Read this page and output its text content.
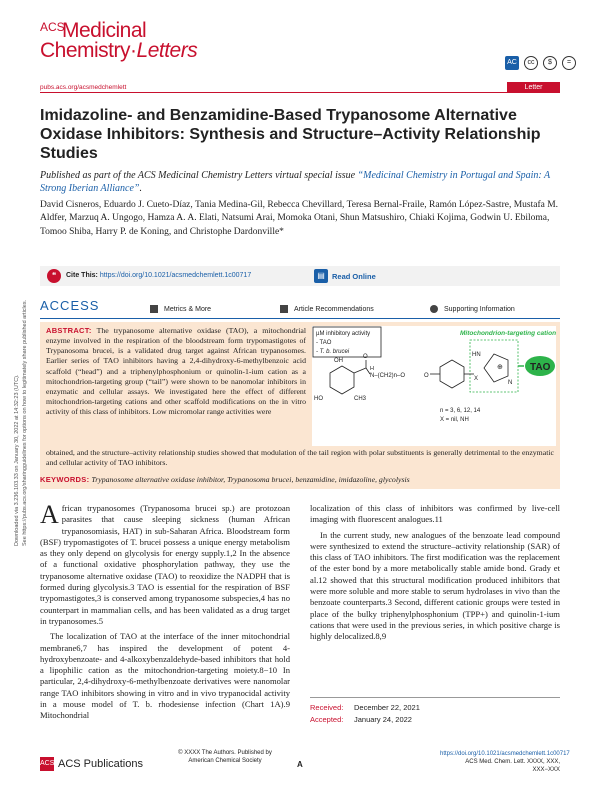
ACS
Medicinal
Chemistry·Letters
AC	cc	$	=
pubs.acs.org/acsmedchemlett	Letter
Imidazoline- and Benzamidine-Based Trypanosome Alternative Oxidase Inhibitors: Synthesis and Structure–Activity Relationship Studies
Published as part of the ACS Medicinal Chemistry Letters virtual special issue “Medicinal Chemistry in Portugal and Spain: A Strong Iberian Alliance”.
David Cisneros, Eduardo J. Cueto-Díaz, Tania Medina-Gil, Rebecca Chevillard, Teresa Bernal-Fraile, Ramón López-Sastre, Mustafa M. Aldfer, Marzuq A. Ungogo, Hamza A. A. Elati, Natsumi Arai, Momoka Otani, Shun Matsushiro, Chiaki Kojima, Godwin U. Ebiloma, Tomoo Shiba, Harry P. de Koning, and Christophe Dardonville*
Downloaded via 3.236.103.33 on January 30, 2022 at 14:32:23 (UTC). See https://pubs.acs.org/sharingguidelines for options on how to legitimately share published articles.
❝	Cite This: https://doi.org/10.1021/acsmedchemlett.1c00717	▤ Read Online
ACCESS	Metrics & More	Article Recommendations	Supporting Information
ABSTRACT: The trypanosome alternative oxidase (TAO), a mitochondrial enzyme involved in the respiration of the bloodstream form trypomastigotes of Trypanosoma brucei, is a validated drug target against African trypanosomes. Earlier series of TAO inhibitors having a 2,4-dihydroxy-6-methylbenzoic acid scaffold (“head”) and a triphenylphosphonium or quinolin-1-ium cation as a mitochondrion-targeting group (“tail”) were shown to be nanomolar inhibitors in enzymatic and cellular assays. We investigated here the effect of different mitochondrion-targeting cations and other scaffold modifications on the in vitro activity of this class of inhibitors. Low micromolar range activities were
obtained, and the structure–activity relationship studies showed that modulation of the tail region with polar substituents is generally detrimental to the enzymatic and cellular activity of TAO inhibitors.
µM inhibitory activity
- TAO
- T. b. brucei
Mitochondrion-targeting cation
HN
N
⊕
X
TAO
O
N–(CH2)n–O
H
O
OH
HO	CH3
n = 3, 6, 12, 14
X = nil, NH
KEYWORDS: Trypanosome alternative oxidase inhibitor, Trypanosoma brucei, benzamidine, imidazoline, glycolysis

African trypanosomes (Trypanosoma brucei sp.) are protozoan parasites that cause sleeping sickness (human African trypanosomiasis, HAT) in sub-Saharan Africa. Bloodstream form (BSF) trypomastigotes of T. brucei possess a unique energy metabolism as they only depend on glycolysis for energy supply.1,2 In the absence of a functional oxidative phosphorylation pathway, they use the trypanosome alternative oxidase (TAO) to reoxidize the NADPH that is formed during glycolysis.3 TAO is essential for the respiration of BSF trypomastigotes,3 is conserved among trypanosome subspecies,4 has no counterpart in mammalian cells, and has been validated as a drug target in trypanosomes.5

The localization of TAO at the interface of the inner mitochondrial membrane6,7 has inspired the development of potent 4-hydroxybenzoate- and 4-alkoxybenzaldehyde-based inhibitors that hold a lipophilic cation as the mitochondrion-targeting moiety.8−10 In particular, 2,4-dihydroxy-6-methylbenzoate derivatives were nanomolar range TAO inhibitors showing in vitro and in vivo trypanocidal activity in a mouse model of T. b. rhodesiense infection (Chart 1A).9 Mitochondrial

localization of this class of inhibitors was confirmed by live-cell imaging with fluorescent analogues.11

In the current study, new analogues of the benzoate lead compound were synthesized to extend the structure–activity relationship (SAR) of this class of TAO inhibitors. The first modification was the replacement of the ester bond by a more metabolically stable amide bond. Grady et al.12 showed that this structural modification produced inhibitors that were more soluble and more stable to serum hydrolases in vivo than the benzoate counterparts.3 Second, different cationic groups were tested in place of the bulky triphenylphosphonium (TPP+) and quinolin-1-ium cations that were used in the previous series, in which positive charge is highly delocalized.8,9

Received: December 22, 2021
Accepted: January 24, 2022
ACS ACS Publications
© XXXX The Authors. Published by American Chemical Society	A
https://doi.org/10.1021/acsmedchemlett.1c00717
ACS Med. Chem. Lett. XXXX, XXX, XXX−XXX
